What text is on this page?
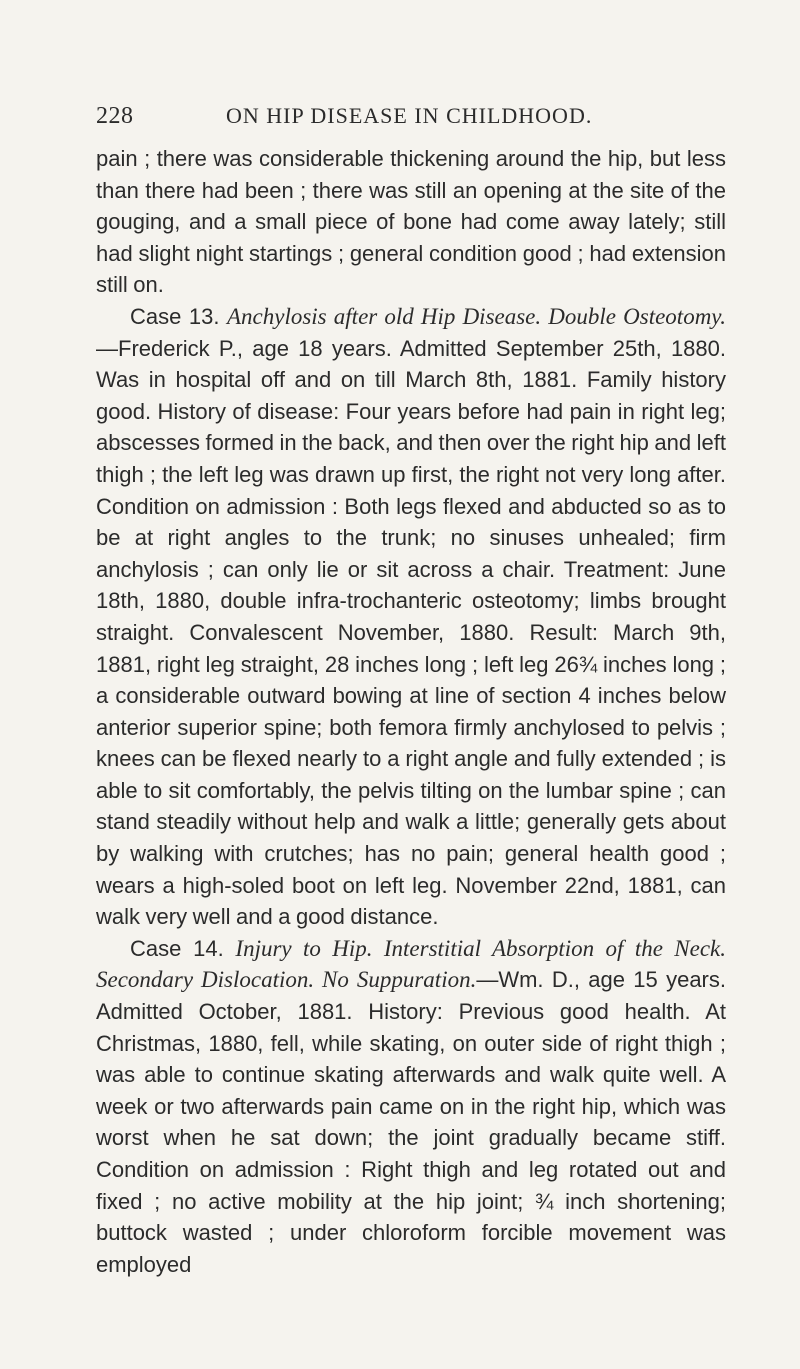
228	ON HIP DISEASE IN CHILDHOOD.

pain ; there was considerable thickening around the hip, but less than there had been ; there was still an opening at the site of the gouging, and a small piece of bone had come away lately; still had slight night startings ; general condition good ; had extension still on.

Case 13. Anchylosis after old Hip Disease. Double Osteotomy.—Frederick P., age 18 years. Admitted September 25th, 1880. Was in hospital off and on till March 8th, 1881. Family history good. History of disease: Four years before had pain in right leg; abscesses formed in the back, and then over the right hip and left thigh ; the left leg was drawn up first, the right not very long after. Condition on admission : Both legs flexed and abducted so as to be at right angles to the trunk; no sinuses unhealed; firm anchylosis ; can only lie or sit across a chair. Treatment: June 18th, 1880, double infra-trochanteric osteotomy; limbs brought straight. Convalescent November, 1880. Result: March 9th, 1881, right leg straight, 28 inches long ; left leg 26¾ inches long ; a considerable outward bowing at line of section 4 inches below anterior superior spine; both femora firmly anchylosed to pelvis ; knees can be flexed nearly to a right angle and fully extended ; is able to sit comfortably, the pelvis tilting on the lumbar spine ; can stand steadily without help and walk a little; generally gets about by walking with crutches; has no pain; general health good ; wears a high-soled boot on left leg. November 22nd, 1881, can walk very well and a good distance.

Case 14. Injury to Hip. Interstitial Absorption of the Neck. Secondary Dislocation. No Suppuration.—Wm. D., age 15 years. Admitted October, 1881. History: Previous good health. At Christmas, 1880, fell, while skating, on outer side of right thigh ; was able to continue skating afterwards and walk quite well. A week or two afterwards pain came on in the right hip, which was worst when he sat down; the joint gradually became stiff. Condition on admission : Right thigh and leg rotated out and fixed ; no active mobility at the hip joint; ¾ inch shortening; buttock wasted ; under chloroform forcible movement was employed
